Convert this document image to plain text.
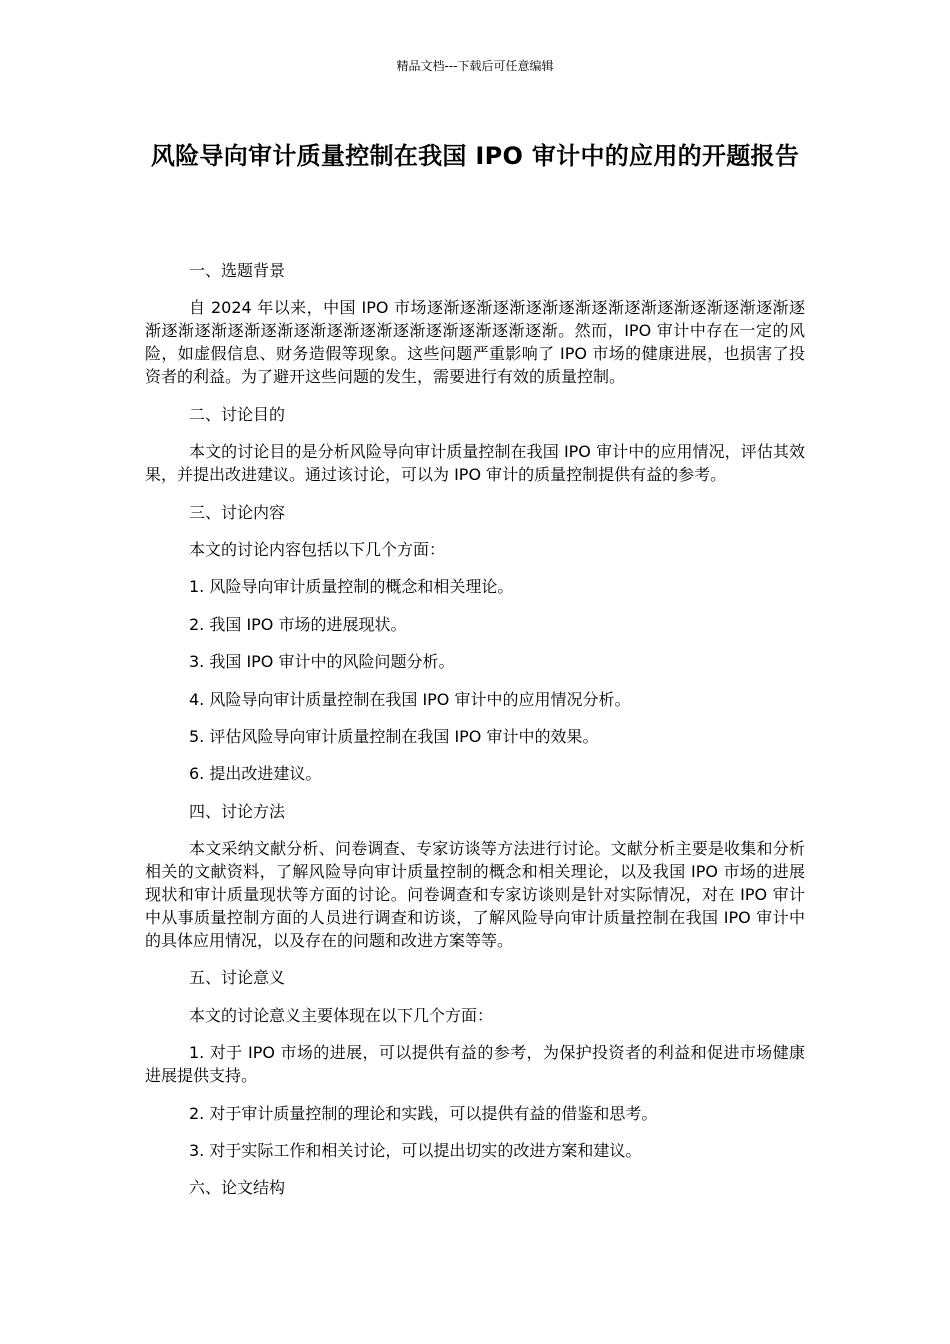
精品文档---下载后可任意编辑
风险导向审计质量控制在我国 IPO 审计中的应用的开题报告

一、选题背景

自 2024 年以来，中国 IPO 市场逐渐逐渐逐渐逐渐逐渐逐渐逐渐逐渐逐渐逐渐逐渐逐渐逐渐逐渐逐渐逐渐逐渐逐渐逐渐逐渐逐渐逐渐逐渐逐渐。然而，IPO 审计中存在一定的风险，如虚假信息、财务造假等现象。这些问题严重影响了 IPO 市场的健康进展，也损害了投资者的利益。为了避开这些问题的发生，需要进行有效的质量控制。

二、讨论目的

本文的讨论目的是分析风险导向审计质量控制在我国 IPO 审计中的应用情况，评估其效果，并提出改进建议。通过该讨论，可以为 IPO 审计的质量控制提供有益的参考。

三、讨论内容

本文的讨论内容包括以下几个方面：

1. 风险导向审计质量控制的概念和相关理论。

2. 我国 IPO 市场的进展现状。

3. 我国 IPO 审计中的风险问题分析。

4. 风险导向审计质量控制在我国 IPO 审计中的应用情况分析。

5. 评估风险导向审计质量控制在我国 IPO 审计中的效果。

6. 提出改进建议。

四、讨论方法

本文采纳文献分析、问卷调查、专家访谈等方法进行讨论。文献分析主要是收集和分析相关的文献资料，了解风险导向审计质量控制的概念和相关理论，以及我国 IPO 市场的进展现状和审计质量现状等方面的讨论。问卷调查和专家访谈则是针对实际情况，对在 IPO 审计中从事质量控制方面的人员进行调查和访谈，了解风险导向审计质量控制在我国 IPO 审计中的具体应用情况，以及存在的问题和改进方案等等。

五、讨论意义

本文的讨论意义主要体现在以下几个方面：

1. 对于 IPO 市场的进展，可以提供有益的参考，为保护投资者的利益和促进市场健康进展提供支持。

2. 对于审计质量控制的理论和实践，可以提供有益的借鉴和思考。

3. 对于实际工作和相关讨论，可以提出切实的改进方案和建议。

六、论文结构
